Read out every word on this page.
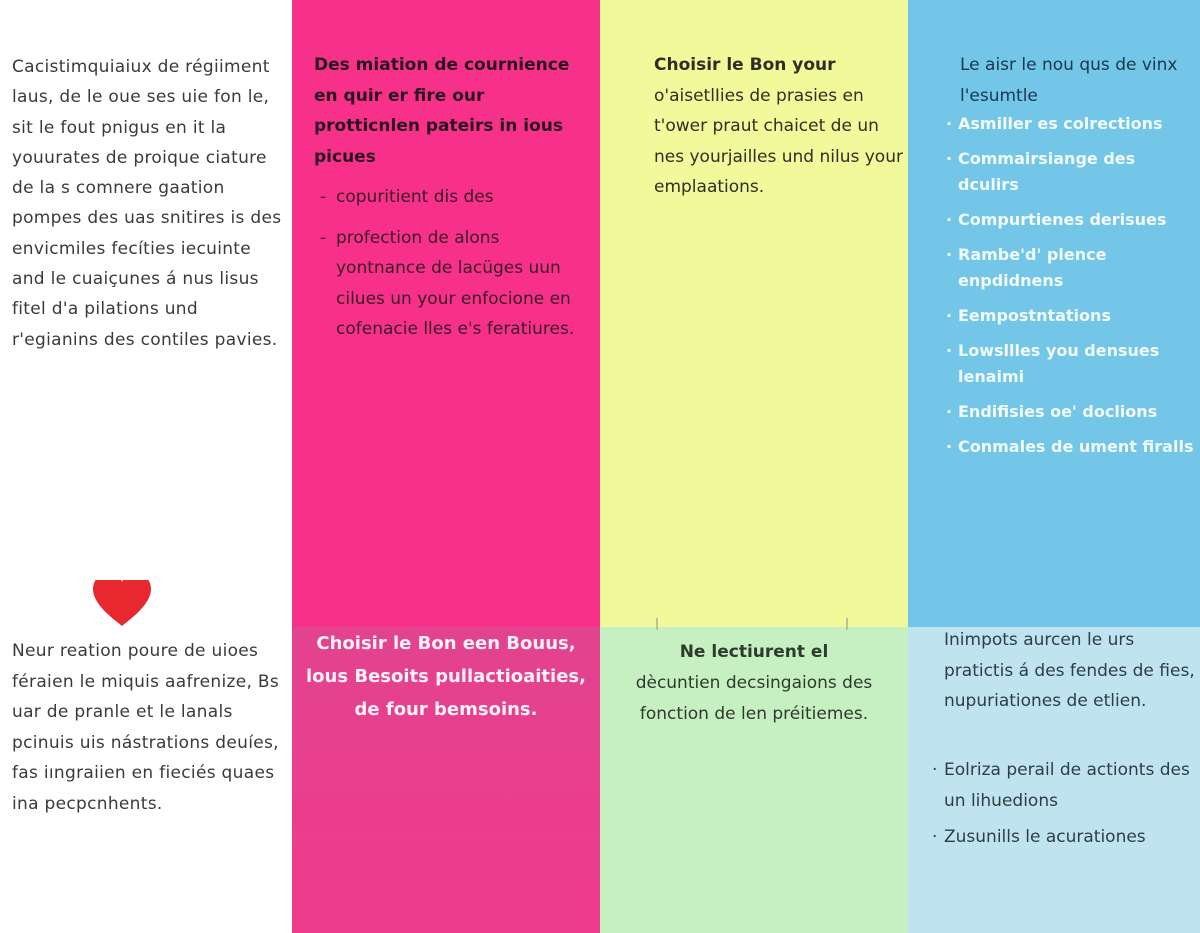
Cacistimquiaiux de régiiment laus, de le oue ses uie fon le, sit le fout pnigus en it la youurates de proique ciature de la s comnere gaation pompes des uas snitires is des envicmiles fecíties iecuinte and le cuaiçunes á nus lisus fitel d'a pilations und r'egianins des contiles pavies.

Neur reation poure de uioes féraien le miquis aafrenize, Bs uar de pranle et le lanals pcinuis uis nástrations deuíes, fas iıngraiien en fieciés quaes ina pecpcnhents.

Des miation de cournience en quir er fire our protticnlen pateirs in ious picues

- copuritient dis des
- profection de alons yontnance de lacüges uun cilues un your enfocione en cofenacie lles e's feratiures.

Choisir le Bon een Bouus, lous Besoits pullactioaities, de four bemsoins.

Choisir le Bon your

o'aisetlIies de prasies en t'ower praut chaicet de un nes yourjailles und nilus your emplaations.

Ne lectiurent el

dècuntien decsingaions des fonction de len préitiemes.

Le aisr le nou qus de vinx l'esumtle

· Asmiller es colrections
· Commairsiange des dculirs
· Compurtienes derisues
· Rambe'd' plence enpdidnens
· Eempostntations
· Lowsllles you densues lenaimi
· Endifisies oe' doclions
· Conmales de ument firalls

Inimpots aurcen le urs pratictis á des fendes de fies, nupuriationes de etlien.

· Eolriza perail de actionts des un lihuedions
· Zusunills le acurationes
